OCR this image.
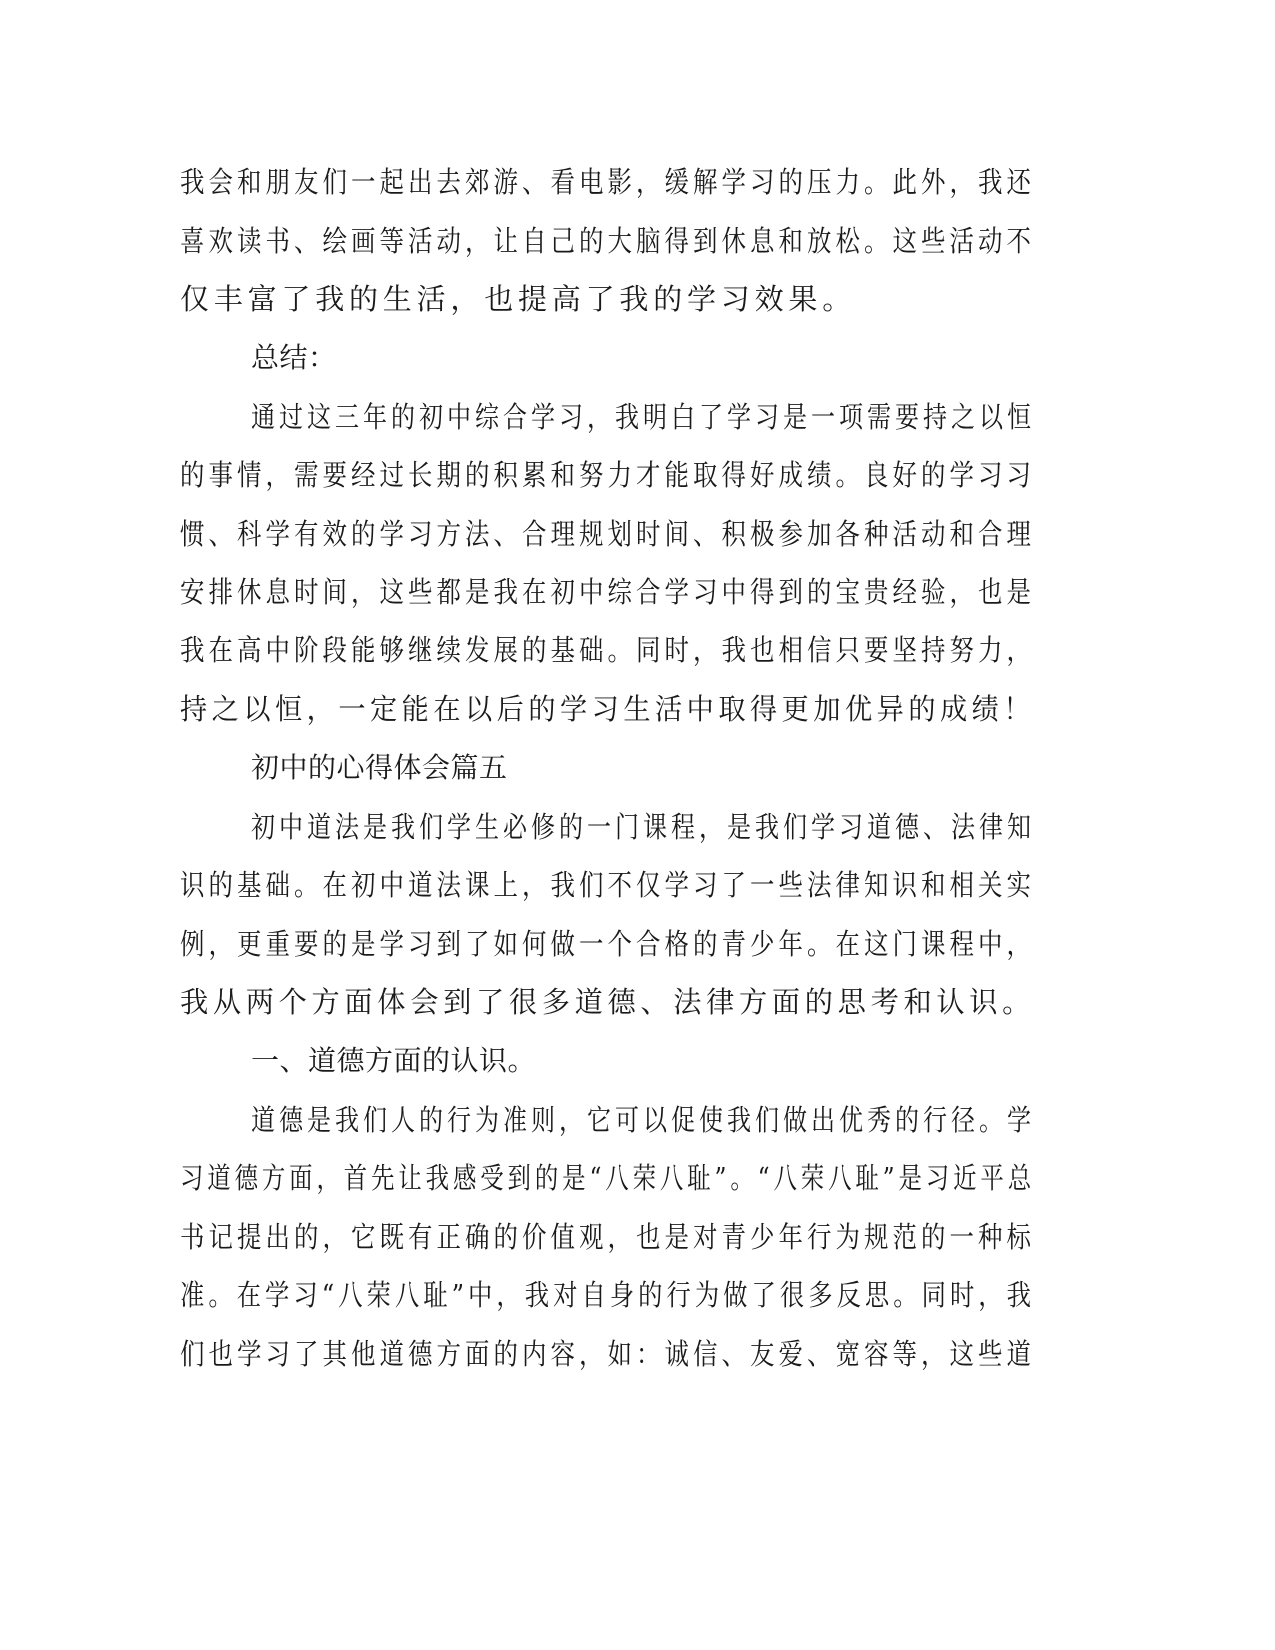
我会和朋友们一起出去郊游、看电影，缓解学习的压力。此外，我还
喜欢读书、绘画等活动，让自己的大脑得到休息和放松。这些活动不
仅丰富了我的生活，也提高了我的学习效果。
总结：
通过这三年的初中综合学习，我明白了学习是一项需要持之以恒
的事情，需要经过长期的积累和努力才能取得好成绩。良好的学习习
惯、科学有效的学习方法、合理规划时间、积极参加各种活动和合理
安排休息时间，这些都是我在初中综合学习中得到的宝贵经验，也是
我在高中阶段能够继续发展的基础。同时，我也相信只要坚持努力，
持之以恒，一定能在以后的学习生活中取得更加优异的成绩！
初中的心得体会篇五
初中道法是我们学生必修的一门课程，是我们学习道德、法律知
识的基础。在初中道法课上，我们不仅学习了一些法律知识和相关实
例，更重要的是学习到了如何做一个合格的青少年。在这门课程中，
我从两个方面体会到了很多道德、法律方面的思考和认识。
一、道德方面的认识。
道德是我们人的行为准则，它可以促使我们做出优秀的行径。学
习道德方面，首先让我感受到的是“八荣八耻”。“八荣八耻”是习近平总
书记提出的，它既有正确的价值观，也是对青少年行为规范的一种标
准。在学习“八荣八耻”中，我对自身的行为做了很多反思。同时，我
们也学习了其他道德方面的内容，如：诚信、友爱、宽容等，这些道
